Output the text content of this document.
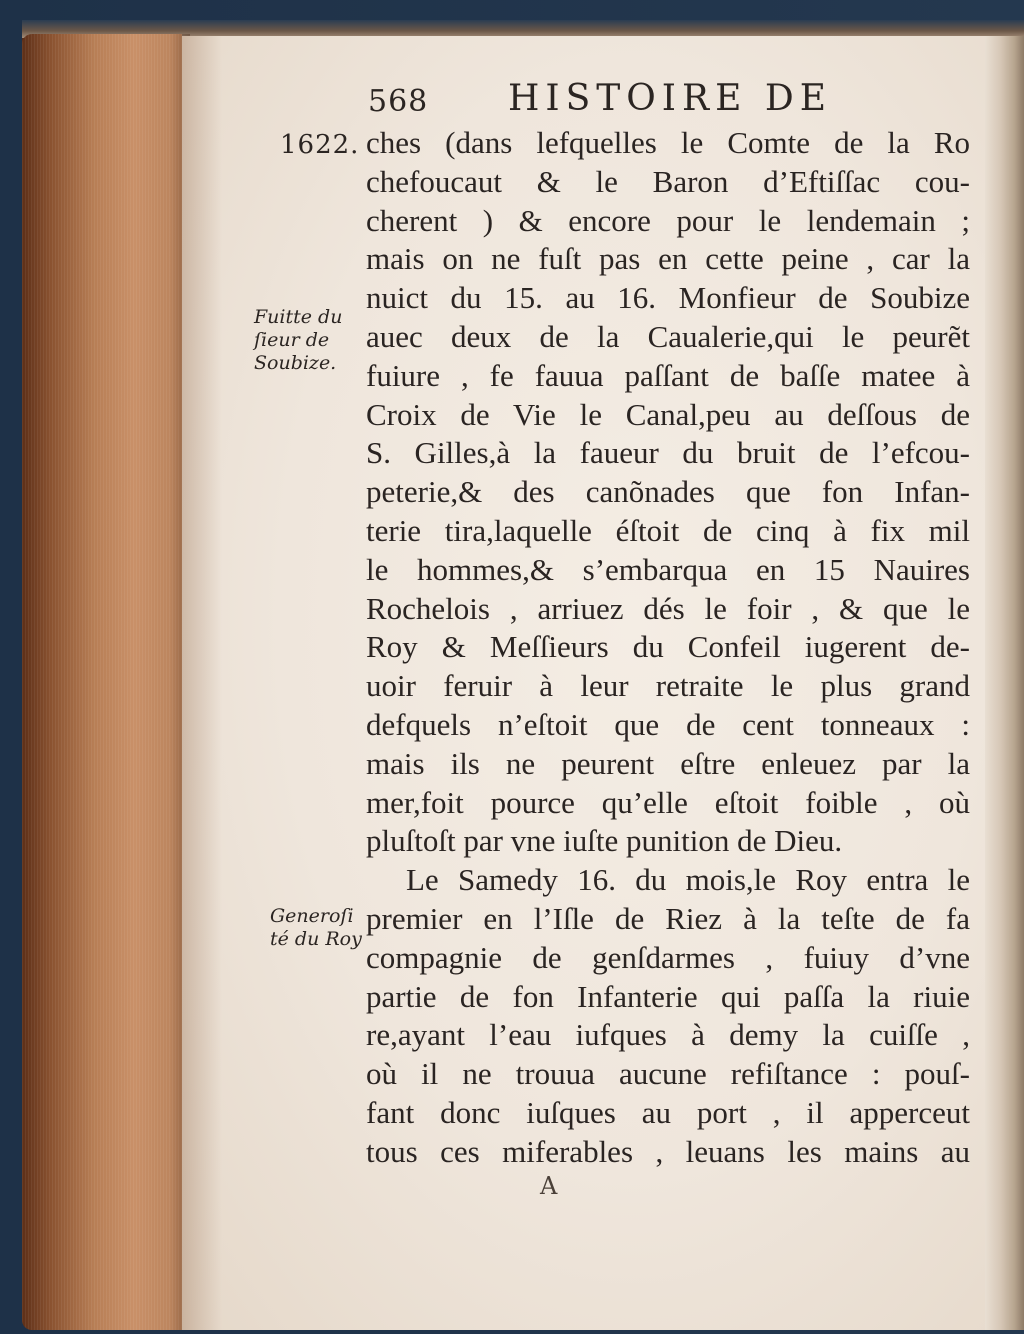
568 HISTOIRE DE
1622.
Fuitte du
ſieur de
Soubize.
Generoſi
té du Roy
ches (dans lefquelles le Comte de la Ro
chefoucaut & le Baron d’Eftiſſac cou-
cherent ) & encore pour le lendemain ;
mais on ne fuſt pas en cette peine , car la
nuict du 15. au 16. Monfieur de Soubize
auec deux de la Caualerie,qui le peurẽt
fuiure , fe fauua paſſant de baſſe matee à
Croix de Vie le Canal,peu au deſſous de
S. Gilles,à la faueur du bruit de l’efcou-
peterie,& des canõnades que fon Infan-
terie tira,laquelle éſtoit de cinq à fix mil
le hommes,& s’embarqua en 15 Nauires
Rochelois , arriuez dés le foir , & que le
Roy & Meſſieurs du Confeil iugerent de-
uoir feruir à leur retraite le plus grand
defquels n’eſtoit que de cent tonneaux :
mais ils ne peurent eſtre enleuez par la
mer,foit pource qu’elle eſtoit foible , où
pluſtoſt par vne iuſte punition de Dieu.
Le Samedy 16. du mois,le Roy entra le
premier en l’Iſle de Riez à la teſte de fa
compagnie de genſdarmes , fuiuy d’vne
partie de fon Infanterie qui paſſa la riuie
re,ayant l’eau iufques à demy la cuiſſe ,
où il ne trouua aucune refiſtance : pouſ-
fant donc iuſques au port , il apperceut
tous ces miferables , leuans les mains au
A
